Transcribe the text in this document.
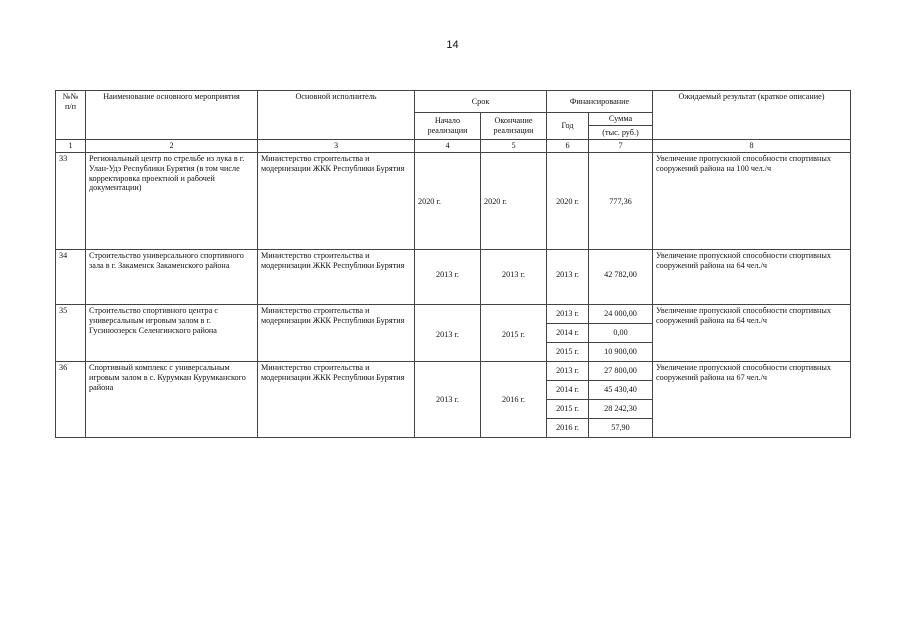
14
№№ п/п	Наименование основного мероприятия	Основной исполнитель	Срок		Финансирование		Ожидаемый результат (краткое описание)
			Начало реализации	Окончание реализации	Год	Сумма	
						(тыс. руб.)	
1	2	3	4	5	6	7	8
33	Региональный центр по стрельбе из лука в г. Улан-Удэ Республики Бурятия (в том числе корректировка проектной и рабочей документации)	Министерство строительства и модернизации ЖКК Республики Бурятия	2020 г.	2020 г.	2020 г.	777,36	Увеличение пропускной способности спортивных сооружений района на 100 чел./ч
34	Строительство универсального спортивного зала в г. Закаменск Закаменского района	Министерство строительства и модернизации ЖКК Республики Бурятия	2013 г.	2013 г.	2013 г.	42 782,00	Увеличение пропускной способности спортивных сооружений района на 64 чел./ч
35	Строительство спортивного центра с универсальным игровым залом в г. Гусиноозерск Селенгинского района	Министерство строительства и модернизации ЖКК Республики Бурятия	2013 г.	2015 г.	2013 г.	24 000,00	Увеличение пропускной способности спортивных сооружений района на 64 чел./ч
					2014 г.	0,00	
					2015 г.	10 900,00	
36	Спортивный комплекс с универсальным игровым залом в с. Курумкан Курумканского района	Министерство строительства и модернизации ЖКК Республики Бурятия	2013 г.	2016 г.	2013 г.	27 800,00	Увеличение пропускной способности спортивных сооружений района на 67 чел./ч
					2014 г.	45 430,40	
					2015 г.	28 242,30	
					2016 г.	57,90	
